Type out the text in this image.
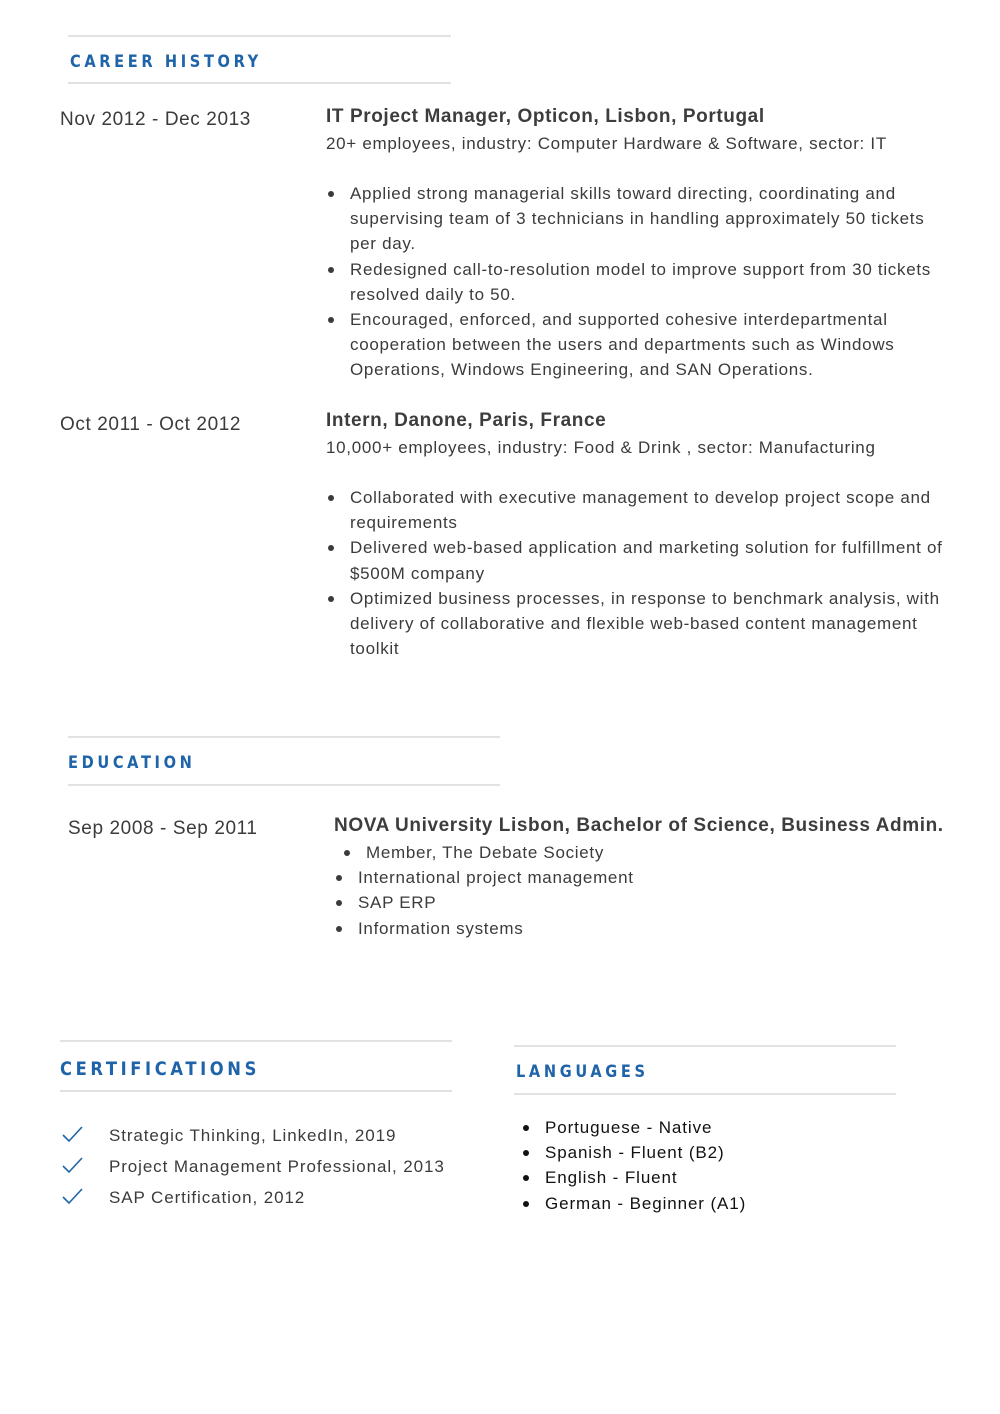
CAREER HISTORY
Nov 2012 - Dec 2013	IT Project Manager, Opticon, Lisbon, Portugal
20+ employees, industry: Computer Hardware & Software, sector: IT
Applied strong managerial skills toward directing, coordinating and supervising team of 3 technicians in handling approximately 50 tickets per day.
Redesigned call-to-resolution model to improve support from 30 tickets resolved daily to 50.
Encouraged, enforced, and supported cohesive interdepartmental cooperation between the users and departments such as Windows Operations, Windows Engineering, and SAN Operations.
Oct 2011 - Oct 2012	Intern, Danone, Paris, France
10,000+ employees, industry: Food & Drink , sector: Manufacturing
Collaborated with executive management to develop project scope and requirements
Delivered web-based application and marketing solution for fulfillment of $500M company
Optimized business processes, in response to benchmark analysis, with delivery of collaborative and flexible web-based content management toolkit
EDUCATION
Sep 2008 - Sep 2011	NOVA University Lisbon, Bachelor of Science, Business Admin.
Member, The Debate Society
International project management
SAP ERP
Information systems
CERTIFICATIONS
Strategic Thinking, LinkedIn, 2019
Project Management Professional, 2013
SAP Certification, 2012
LANGUAGES
Portuguese - Native
Spanish - Fluent (B2)
English - Fluent
German - Beginner (A1)
